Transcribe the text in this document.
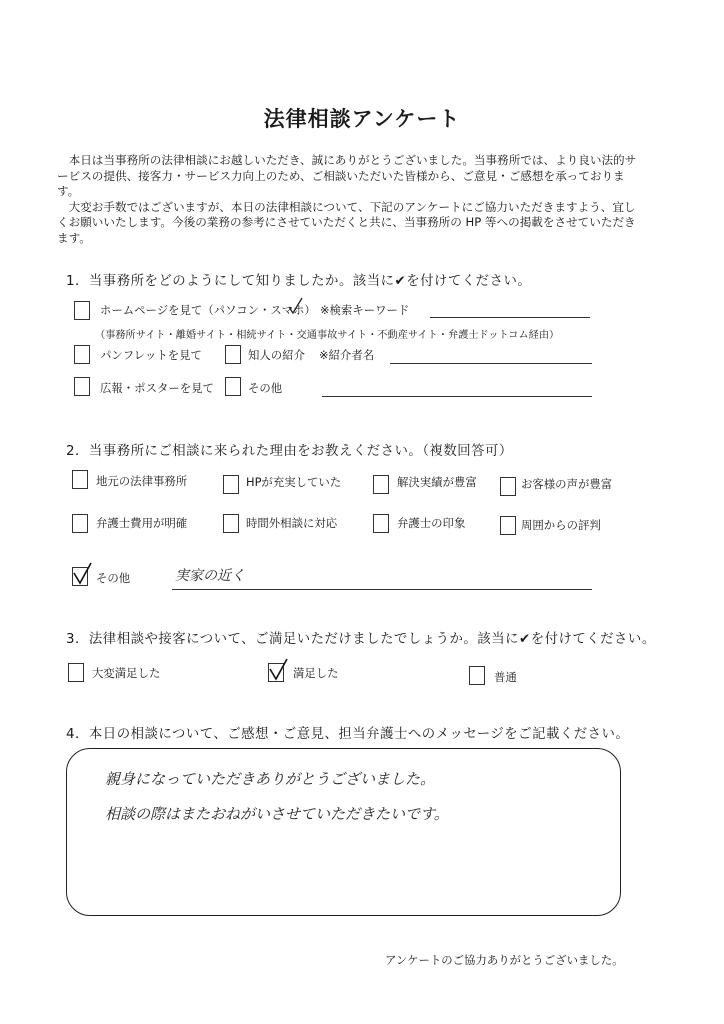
法律相談アンケート

本日は当事務所の法律相談にお越しいただき、誠にありがとうございました。当事務所では、より良い法的サービスの提供、接客力・サービス力向上のため、ご相談いただいた皆様から、ご意見・ご感想を承っております。

大変お手数ではございますが、本日の法律相談について、下記のアンケートにご協力いただきますよう、宜しくお願いいたします。今後の業務の参考にさせていただくと共に、当事務所の HP 等への掲載をさせていただきます。

1．当事務所をどのようにして知りましたか。該当に✔を付けてください。
ホームページを見て（パソコン・スマホ） ※検索キーワード
（事務所サイト・離婚サイト・相続サイト・交通事故サイト・不動産サイト・弁護士ドットコム経由）
パンフレットを見て	知人の紹介 ※紹介者名
広報・ポスターを見て	その他
2．当事務所にご相談に来られた理由をお教えください。（複数回答可）
地元の法律事務所	HPが充実していた	解決実績が豊富	お客様の声が豊富
弁護士費用が明確	時間外相談に対応	弁護士の印象	周囲からの評判
その他	実家の近く
3．法律相談や接客について、ご満足いただけましたでしょうか。該当に✔を付けてください。
大変満足した	満足した	普通
4．本日の相談について、ご感想・ご意見、担当弁護士へのメッセージをご記載ください。
親身になっていただきありがとうございました。
相談の際はまたおねがいさせていただきたいです。
アンケートのご協力ありがとうございました。
